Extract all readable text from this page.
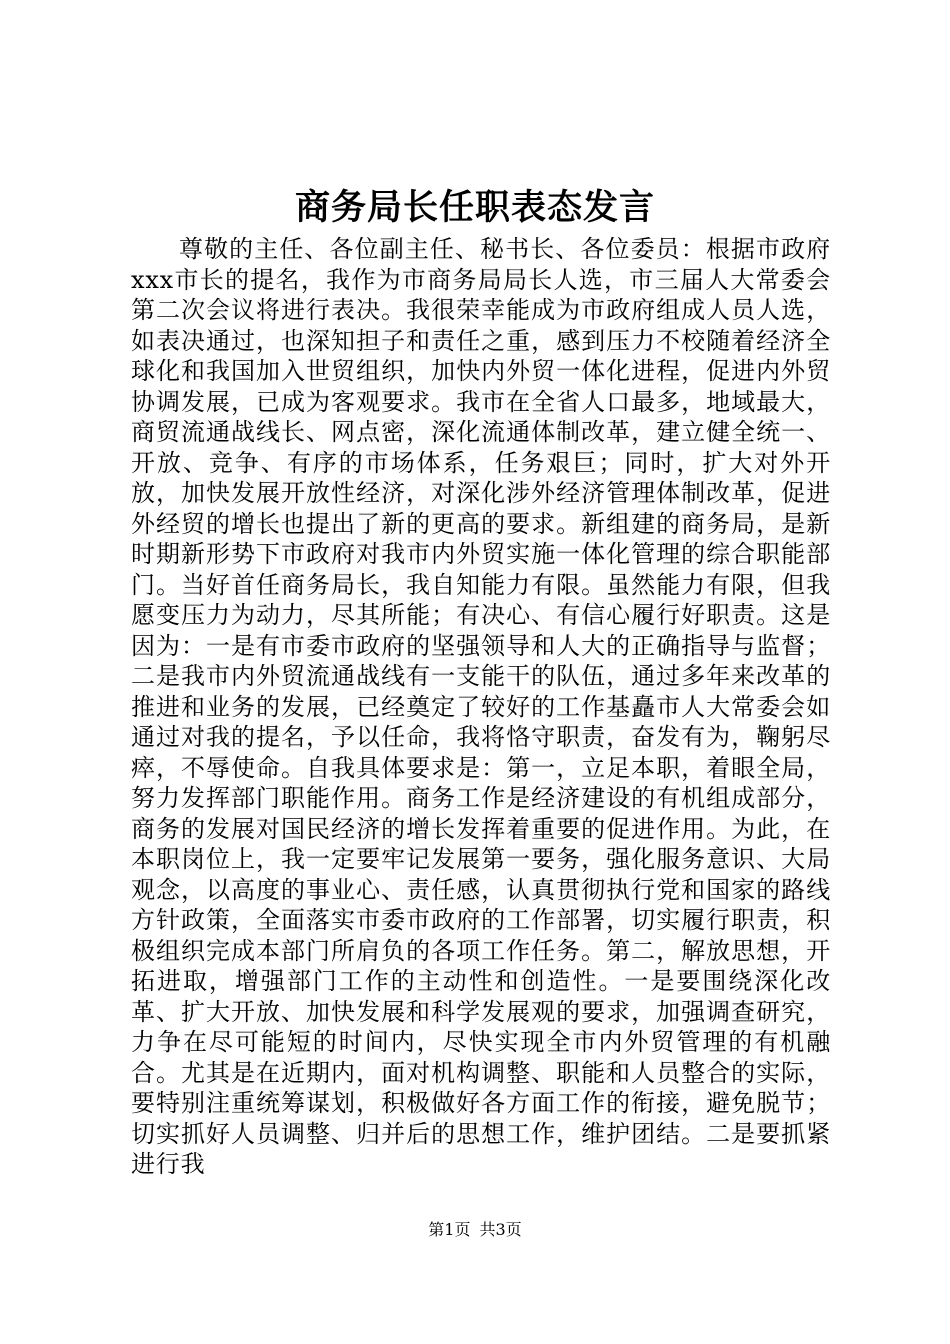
商务局长任职表态发言

尊敬的主任、各位副主任、秘书长、各位委员：根据市政府xxx市长的提名，我作为市商务局局长人选，市三届人大常委会第二次会议将进行表决。我很荣幸能成为市政府组成人员人选，如表决通过，也深知担子和责任之重，感到压力不校随着经济全球化和我国加入世贸组织，加快内外贸一体化进程，促进内外贸协调发展，已成为客观要求。我市在全省人口最多，地域最大，商贸流通战线长、网点密，深化流通体制改革，建立健全统一、开放、竞争、有序的市场体系，任务艰巨；同时，扩大对外开放，加快发展开放性经济，对深化涉外经济管理体制改革，促进外经贸的增长也提出了新的更高的要求。新组建的商务局，是新时期新形势下市政府对我市内外贸实施一体化管理的综合职能部门。当好首任商务局长，我自知能力有限。虽然能力有限，但我愿变压力为动力，尽其所能；有决心、有信心履行好职责。这是因为：一是有市委市政府的坚强领导和人大的正确指导与监督；二是我市内外贸流通战线有一支能干的队伍，通过多年来改革的推进和业务的发展，已经奠定了较好的工作基矗市人大常委会如通过对我的提名，予以任命，我将恪守职责，奋发有为，鞠躬尽瘁，不辱使命。自我具体要求是：第一，立足本职，着眼全局，努力发挥部门职能作用。商务工作是经济建设的有机组成部分，商务的发展对国民经济的增长发挥着重要的促进作用。为此，在本职岗位上，我一定要牢记发展第一要务，强化服务意识、大局观念，以高度的事业心、责任感，认真贯彻执行党和国家的路线方针政策，全面落实市委市政府的工作部署，切实履行职责，积极组织完成本部门所肩负的各项工作任务。第二，解放思想，开拓进取，增强部门工作的主动性和创造性。一是要围绕深化改革、扩大开放、加快发展和科学发展观的要求，加强调查研究，力争在尽可能短的时间内，尽快实现全市内外贸管理的有机融合。尤其是在近期内，面对机构调整、职能和人员整合的实际，要特别注重统筹谋划，积极做好各方面工作的衔接，避免脱节；切实抓好人员调整、归并后的思想工作，维护团结。二是要抓紧进行我

第1页 共3页
